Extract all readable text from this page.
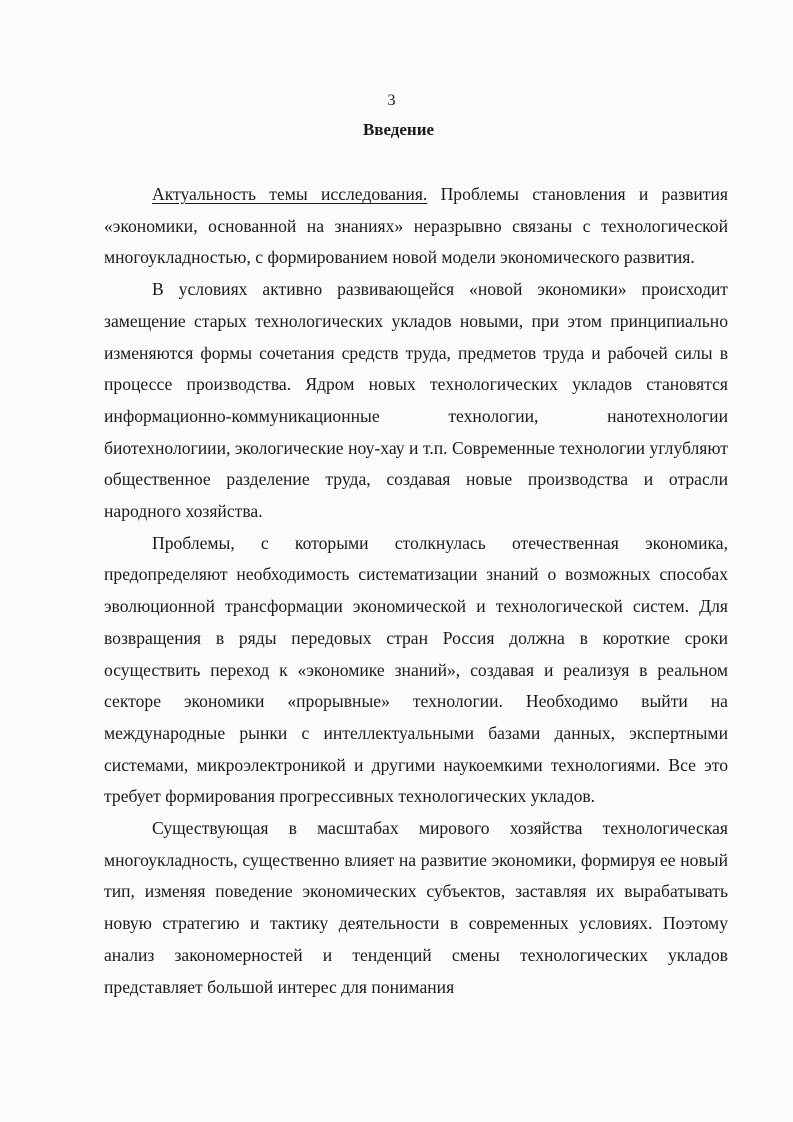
3
Введение

Актуальность темы исследования. Проблемы становления и развития «экономики, основанной на знаниях» неразрывно связаны с технологической многоукладностью, с формированием новой модели экономического развития.

В условиях активно развивающейся «новой экономики» происходит замещение старых технологических укладов новыми, при этом принципиально изменяются формы сочетания средств труда, предметов труда и рабочей силы в процессе производства. Ядром новых технологических укладов становятся информационно-коммуникационные технологии, нанотехнологии биотехнологиии, экологические ноу-хау и т.п. Современные технологии углубляют общественное разделение труда, создавая новые производства и отрасли народного хозяйства.

Проблемы, с которыми столкнулась отечественная экономика, предопределяют необходимость систематизации знаний о возможных способах эволюционной трансформации экономической и технологической систем. Для возвращения в ряды передовых стран Россия должна в короткие сроки осуществить переход к «экономике знаний», создавая и реализуя в реальном секторе экономики «прорывные» технологии. Необходимо выйти на международные рынки с интеллектуальными базами данных, экспертными системами, микроэлектроникой и другими наукоемкими технологиями. Все это требует формирования прогрессивных технологических укладов.

Существующая в масштабах мирового хозяйства технологическая многоукладность, существенно влияет на развитие экономики, формируя ее новый тип, изменяя поведение экономических субъектов, заставляя их вырабатывать новую стратегию и тактику деятельности в современных условиях. Поэтому анализ закономерностей и тенденций смены технологических укладов представляет большой интерес для понимания
